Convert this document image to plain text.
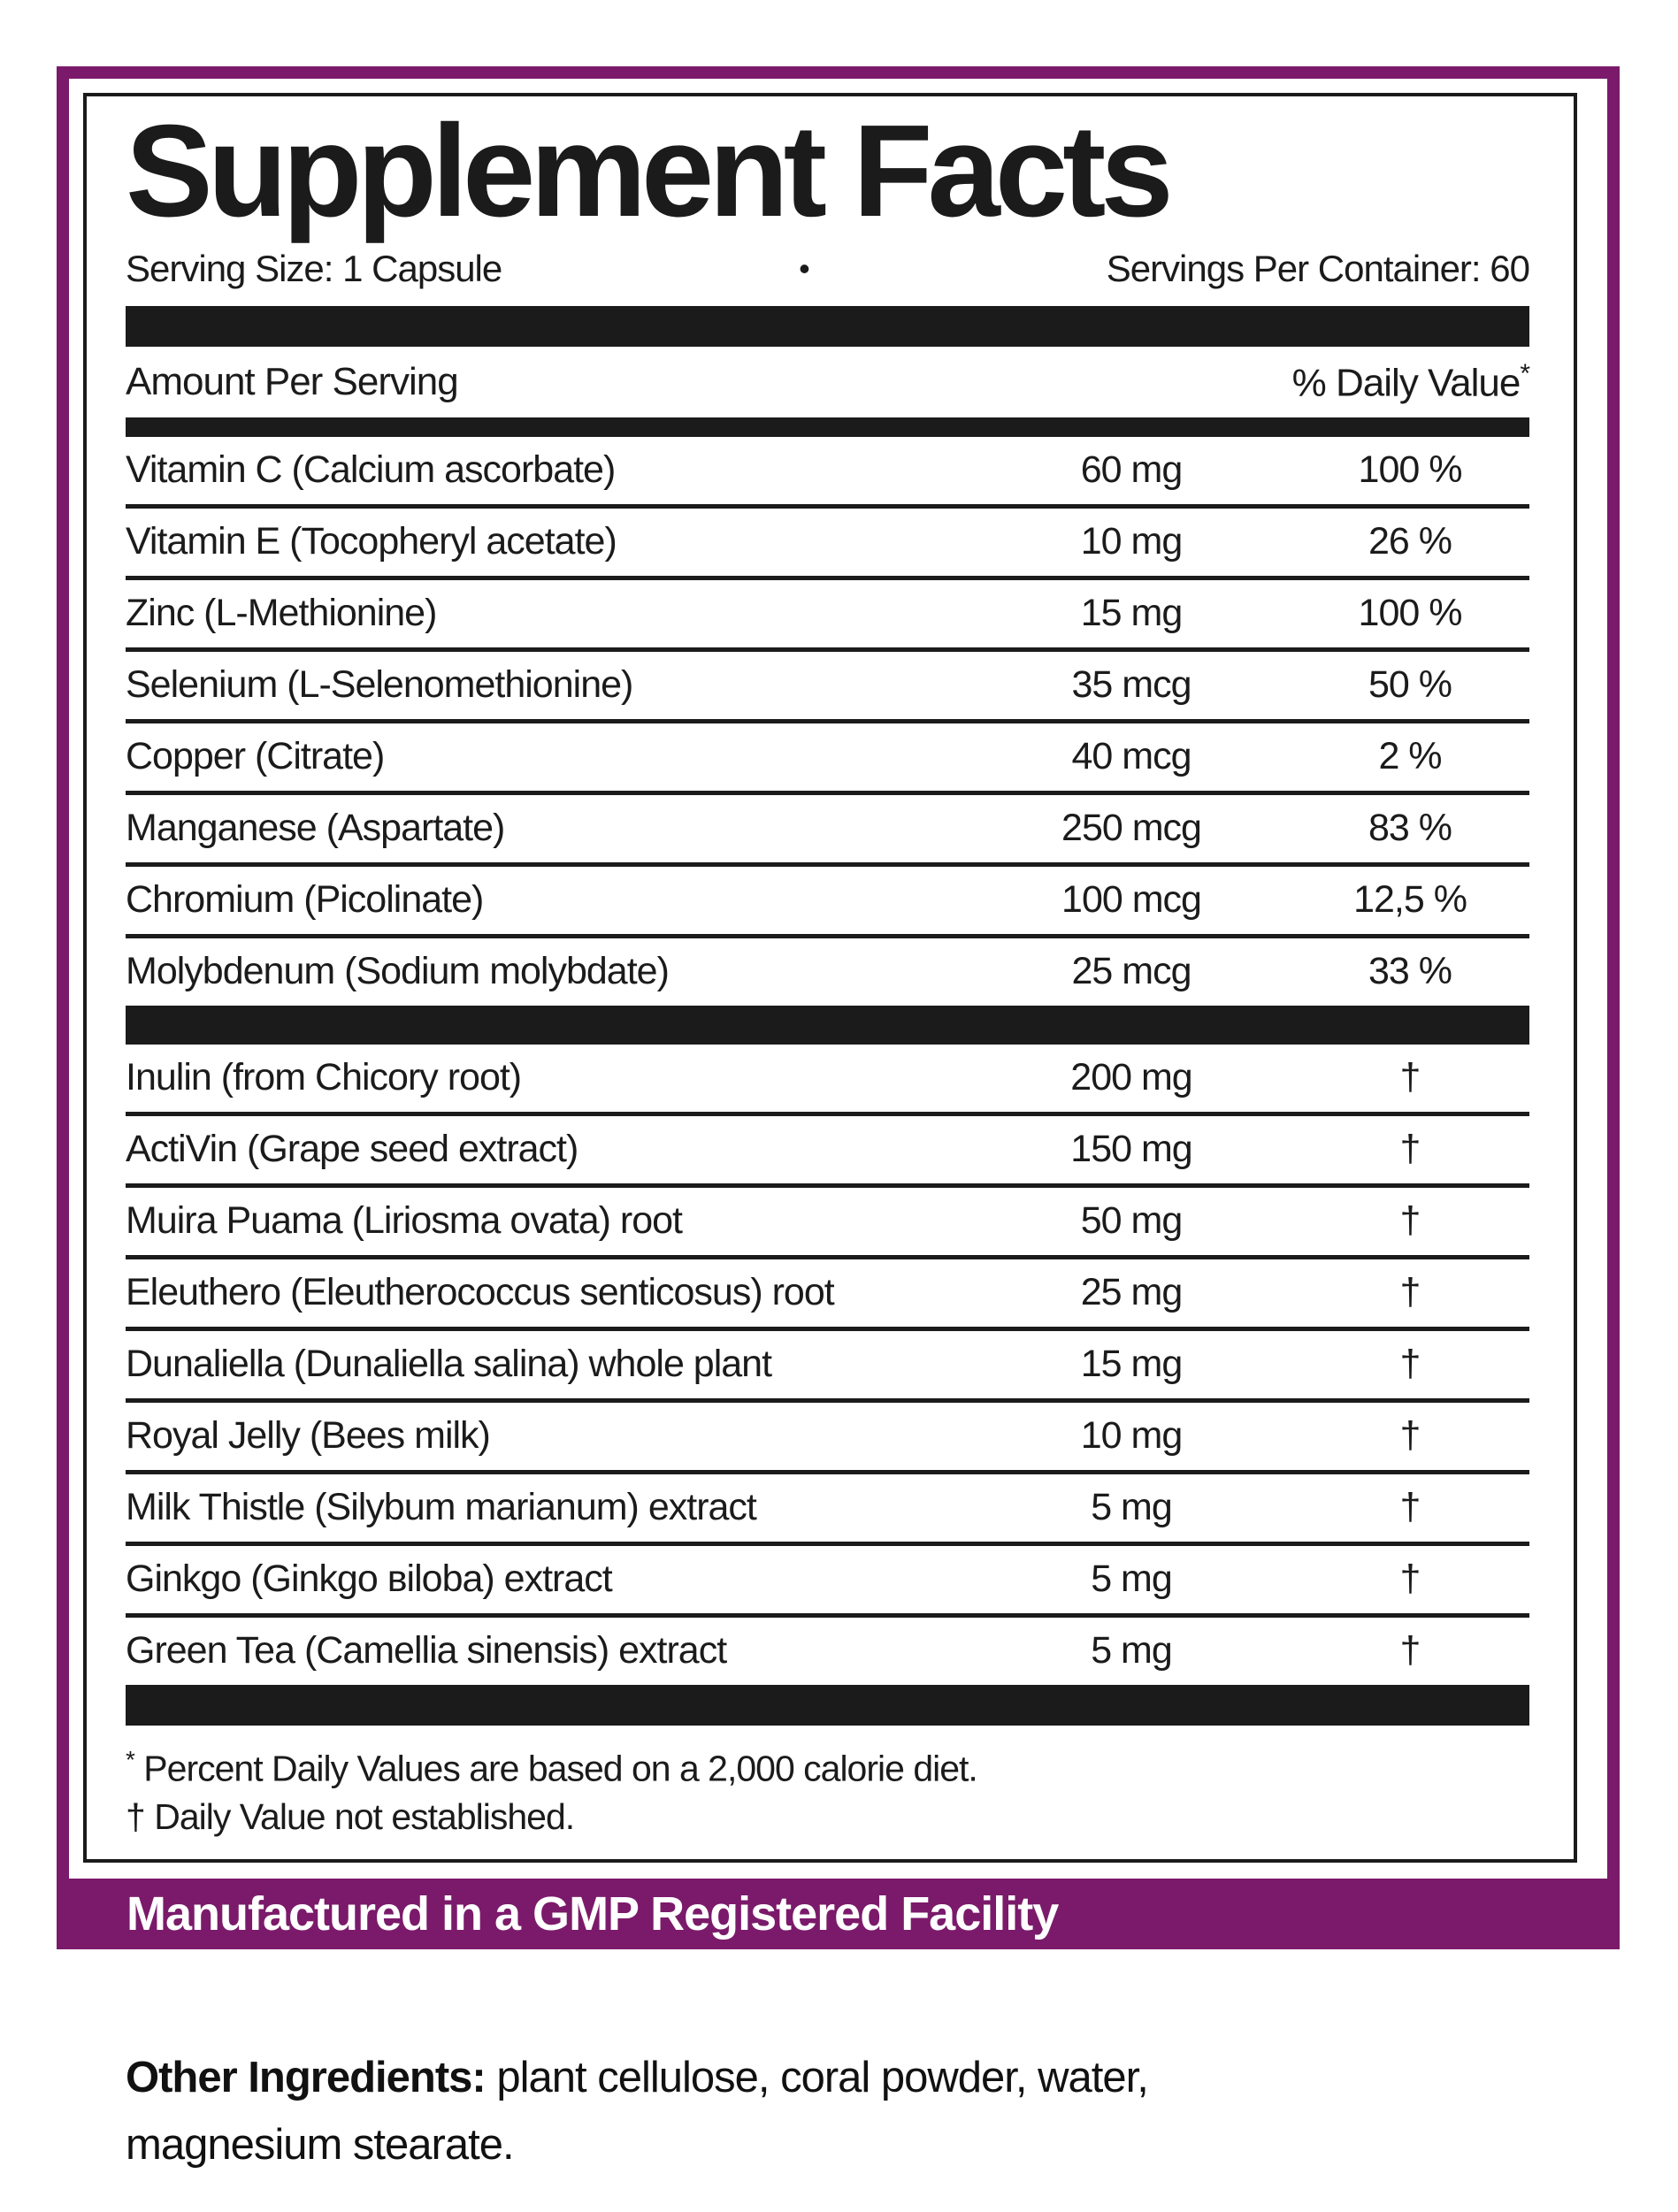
Supplement Facts
Serving Size: 1 Capsule	•	Servings Per Container: 60
Amount Per Serving	% Daily Value*
Vitamin C (Calcium ascorbate)	60 mg	100 %
Vitamin E (Tocopheryl acetate)	10 mg	26 %
Zinc (L-Methionine)	15 mg	100 %
Selenium (L-Selenomethionine)	35 mcg	50 %
Copper (Citrate)	40 mcg	2 %
Manganese (Aspartate)	250 mcg	83 %
Chromium (Picolinate)	100 mcg	12,5 %
Molybdenum (Sodium molybdate)	25 mcg	33 %
Inulin (from Chicory root)	200 mg	†
ActiVin (Grape seed extract)	150 mg	†
Muira Puama (Liriosma ovata) root	50 mg	†
Eleuthero (Eleutherococcus senticosus) root	25 mg	†
Dunaliella (Dunaliella salina) whole plant	15 mg	†
Royal Jelly (Bees milk)	10 mg	†
Milk Thistle (Silybum marianum) extract	5 mg	†
Ginkgo (Ginkgo вiloba) extract	5 mg	†
Green Tea (Camellia sinensis) extract	5 mg	†

* Percent Daily Values are based on a 2,000 calorie diet.

† Daily Value not established.

Manufactured in a GMP Registered Facility

Other Ingredients: plant cellulose, coral powder, water, magnesium stearate.
